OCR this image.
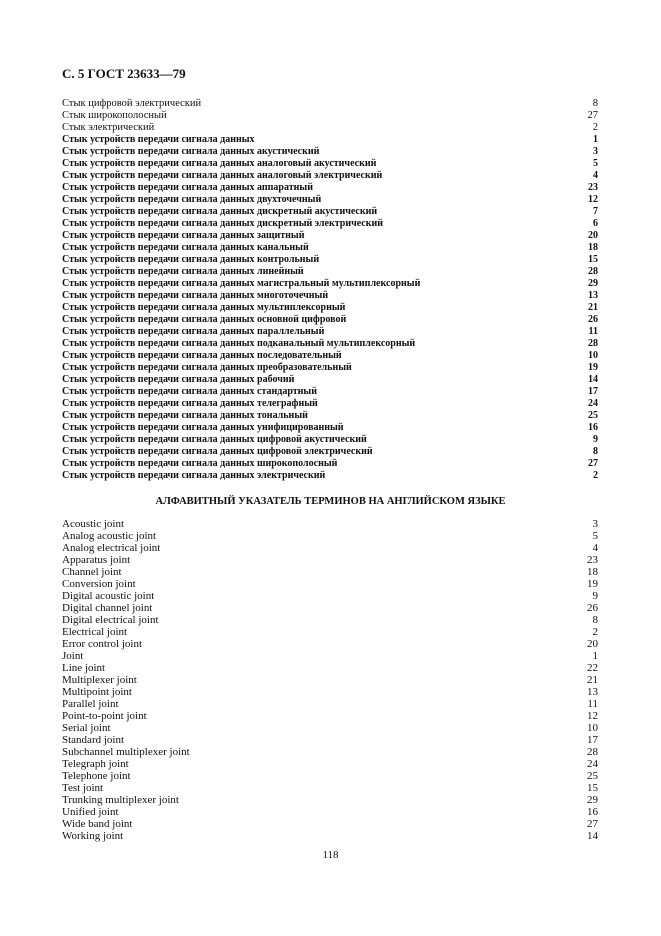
С. 5 ГОСТ 23633—79
Стык цифровой электрический	8
Стык широкополосный	27
Стык электрический	2
Стык устройств передачи сигнала данных	1
Стык устройств передачи сигнала данных акустический	3
Стык устройств передачи сигнала данных аналоговый акустический	5
Стык устройств передачи сигнала данных аналоговый электрический	4
Стык устройств передачи сигнала данных аппаратный	23
Стык устройств передачи сигнала данных двухточечный	12
Стык устройств передачи сигнала данных дискретный акустический	7
Стык устройств передачи сигнала данных дискретный электрический	6
Стык устройств передачи сигнала данных защитный	20
Стык устройств передачи сигнала данных канальный	18
Стык устройств передачи сигнала данных контрольный	15
Стык устройств передачи сигнала данных линейный	28
Стык устройств передачи сигнала данных магистральный мультиплексорный	29
Стык устройств передачи сигнала данных многоточечный	13
Стык устройств передачи сигнала данных мультиплексорный	21
Стык устройств передачи сигнала данных основной цифровой	26
Стык устройств передачи сигнала данных параллельный	11
Стык устройств передачи сигнала данных подканальный мультиплексорный	28
Стык устройств передачи сигнала данных последовательный	10
Стык устройств передачи сигнала данных преобразовательный	19
Стык устройств передачи сигнала данных рабочий	14
Стык устройств передачи сигнала данных стандартный	17
Стык устройств передачи сигнала данных телеграфный	24
Стык устройств передачи сигнала данных тональный	25
Стык устройств передачи сигнала данных унифицированный	16
Стык устройств передачи сигнала данных цифровой акустический	9
Стык устройств передачи сигнала данных цифровой электрический	8
Стык устройств передачи сигнала данных широкополосный	27
Стык устройств передачи сигнала данных электрический	2
АЛФАВИТНЫЙ УКАЗАТЕЛЬ ТЕРМИНОВ НА АНГЛИЙСКОМ ЯЗЫКЕ
Acoustic joint	3
Analog acoustic joint	5
Analog electrical joint	4
Apparatus joint	23
Channel joint	18
Conversion joint	19
Digital acoustic joint	9
Digital channel joint	26
Digital electrical joint	8
Electrical joint	2
Error control joint	20
Joint	1
Line joint	22
Multiplexer joint	21
Multipoint joint	13
Parallel joint	11
Point-to-point joint	12
Serial joint	10
Standard joint	17
Subchannel multiplexer joint	28
Telegraph joint	24
Telephone joint	25
Test joint	15
Trunking multiplexer joint	29
Unified joint	16
Wide band joint	27
Working joint	14
118
